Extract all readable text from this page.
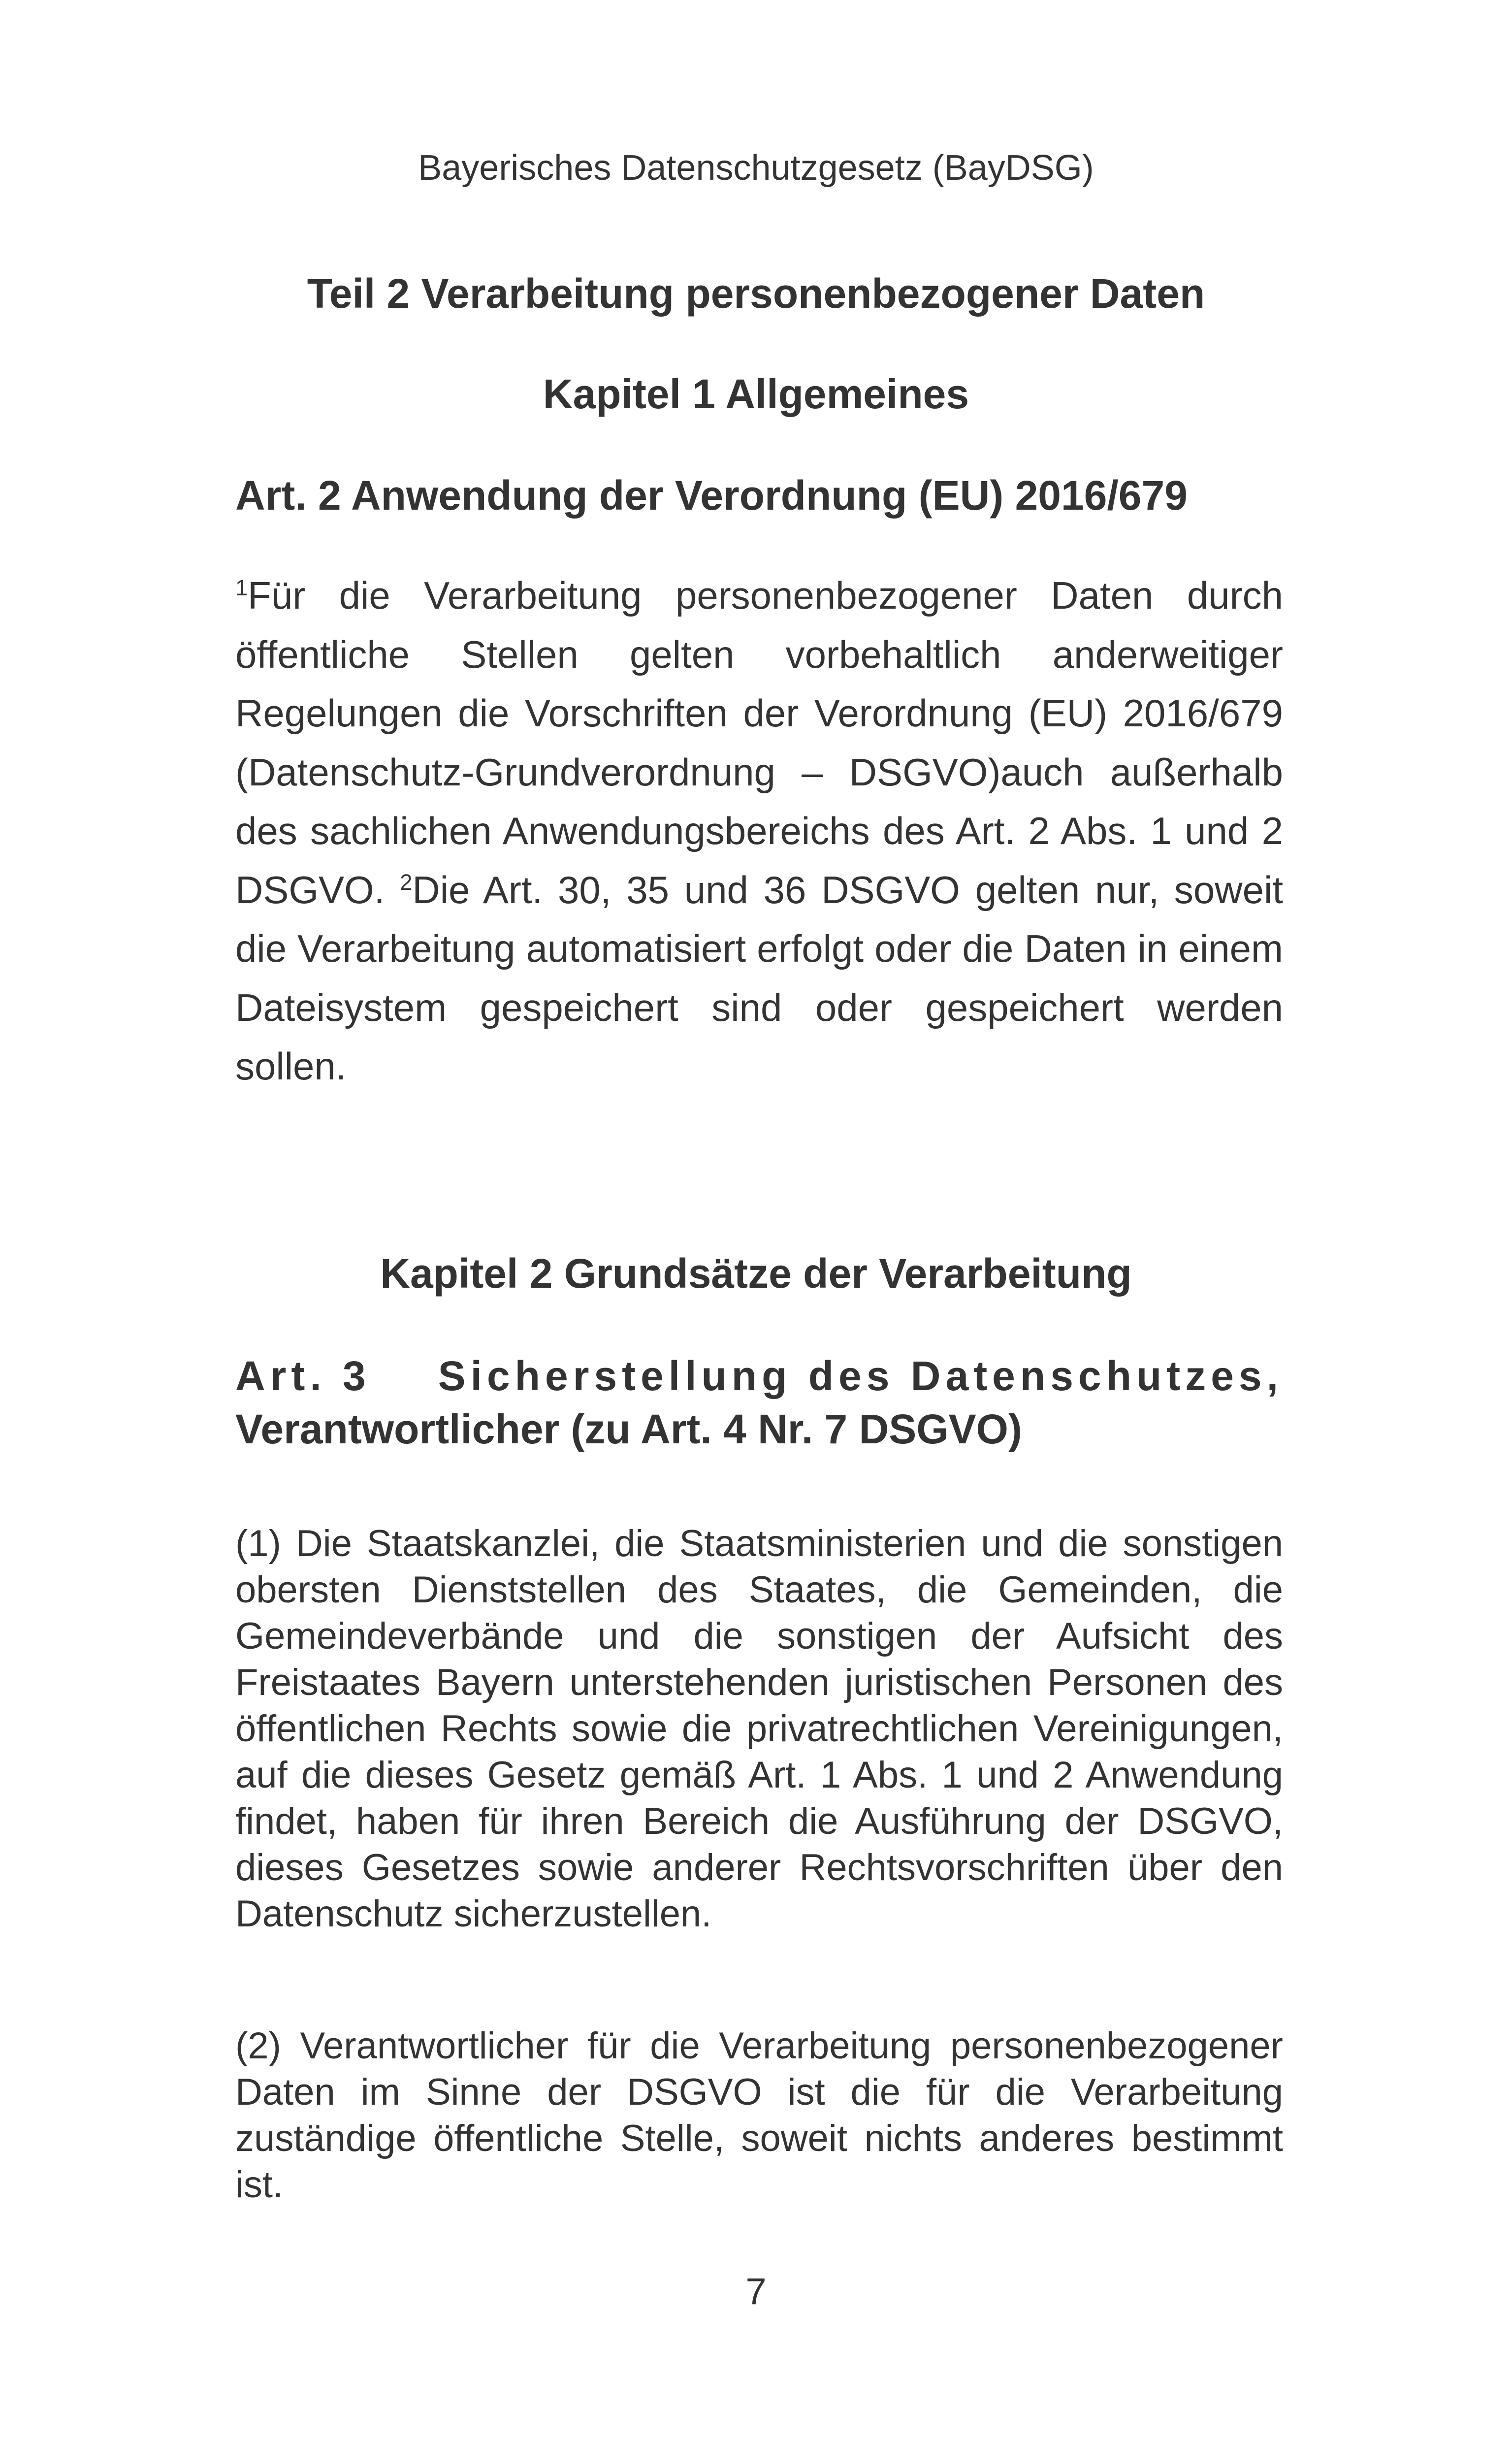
Bayerisches Datenschutzgesetz (BayDSG)
Teil 2 Verarbeitung personenbezogener Daten
Kapitel 1 Allgemeines
Art. 2 Anwendung der Verordnung (EU) 2016/679

$^1$Für die Verarbeitung personenbezogener Daten durch öffentliche Stellen gelten vorbehaltlich anderweitiger Regelungen die Vorschriften der Verordnung (EU) 2016/679 (Datenschutz-Grundverordnung – DSGVO)auch außerhalb des sachlichen Anwendungsbereichs des Art. 2 Abs. 1 und 2 DSGVO. $^2$Die Art. 30, 35 und 36 DSGVO gelten nur, soweit die Verarbeitung automatisiert erfolgt oder die Daten in einem Dateisystem gespeichert sind oder gespeichert werden sollen.

Kapitel 2 Grundsätze der Verarbeitung
Art. 3 Sicherstellung des Datenschutzes,
Verantwortlicher (zu Art. 4 Nr. 7 DSGVO)

(1) Die Staatskanzlei, die Staatsministerien und die sonstigen obersten Dienststellen des Staates, die Gemeinden, die Gemeindeverbände und die sonstigen der Aufsicht des Freistaates Bayern unterstehenden juristischen Personen des öffentlichen Rechts sowie die privatrechtlichen Vereinigungen, auf die dieses Gesetz gemäß Art. 1 Abs. 1 und 2 Anwendung findet, haben für ihren Bereich die Ausführung der DSGVO, dieses Gesetzes sowie anderer Rechtsvorschriften über den Datenschutz sicherzustellen.

(2) Verantwortlicher für die Verarbeitung personenbezogener Daten im Sinne der DSGVO ist die für die Verarbeitung zuständige öffentliche Stelle, soweit nichts anderes bestimmt ist.

7
